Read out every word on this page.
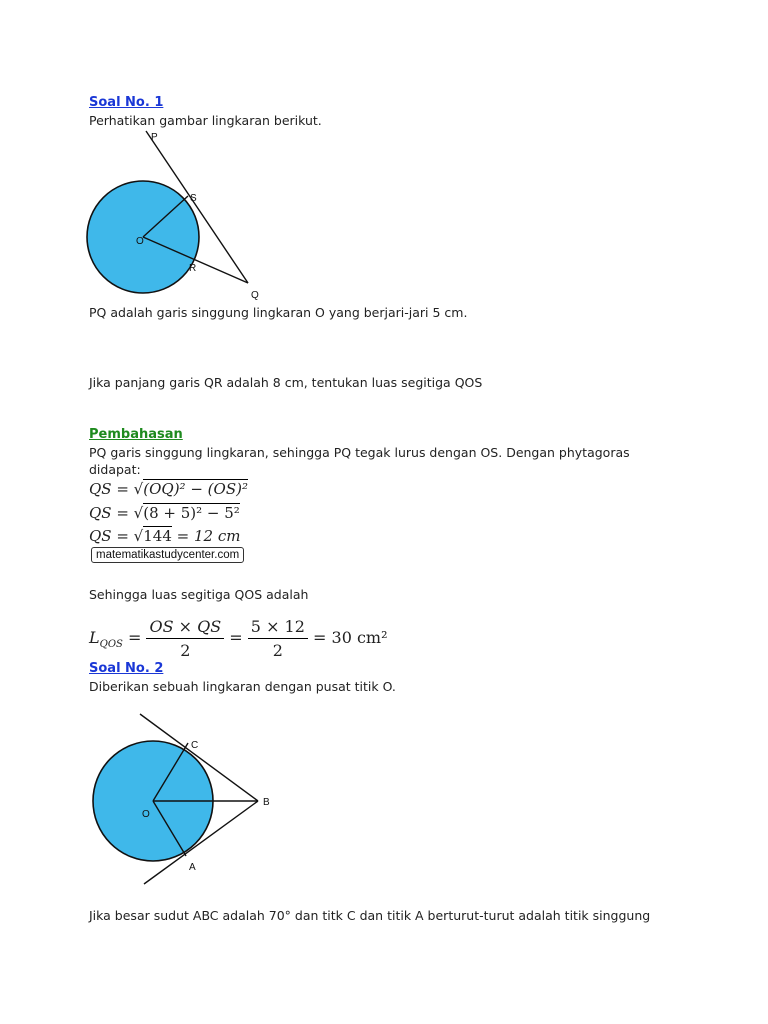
Soal No. 1
Perhatikan gambar lingkaran berikut.
P
S
O
R
Q
PQ adalah garis singgung lingkaran O yang berjari-jari 5 cm.
Jika panjang garis QR adalah 8 cm, tentukan luas segitiga QOS
Pembahasan
PQ garis singgung lingkaran, sehingga PQ tegak lurus dengan OS. Dengan phytagoras
didapat:
QS = √(OQ)² − (OS)²
QS = √(8 + 5)² − 5²
QS = √144 = 12 cm
matematikastudycenter.com
Sehingga luas segitiga QOS adalah
$L_{QOS} = \frac{OS \times QS}{2} = \frac{5 \times 12}{2} = 30$ cm²
Soal No. 2
Diberikan sebuah lingkaran dengan pusat titik O.
C
O
B
A
Jika besar sudut ABC adalah 70° dan titk C dan titik A berturut-turut adalah titik singgung
